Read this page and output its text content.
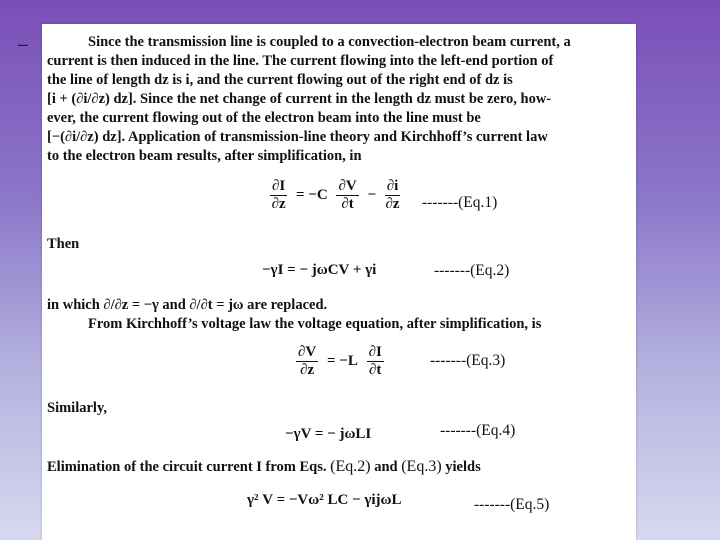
–	Since the transmission line is coupled to a convection-electron beam current, a
current is then induced in the line. The current flowing into the left-end portion of
the line of length dz is i, and the current flowing out of the right end of dz is
[i + (∂i/∂z) dz]. Since the net change of current in the length dz must be zero, how-
ever, the current flowing out of the electron beam into the line must be
[−(∂i/∂z) dz]. Application of transmission-line theory and Kirchhoff’s current law
to the electron beam results, after simplification, in
$\frac{\partial I}{\partial z} = -C \frac{\partial V}{\partial t} - \frac{\partial i}{\partial z} -------(Eq.1)$
Then
−γI = − jωCV + γi	-------(Eq.2)
in which ∂/∂z = −γ and ∂/∂t = jω are replaced.
From Kirchhoff’s voltage law the voltage equation, after simplification, is
$\frac{\partial V}{\partial z} = -L \frac{\partial I}{\partial t}$	-------(Eq.3)
Similarly,
−γV = − jωLI	-------(Eq.4)
Elimination of the circuit current I from Eqs. (Eq.2) and (Eq.3) yields
γ² V = −Vω² LC − γijωL	-------(Eq.5)
